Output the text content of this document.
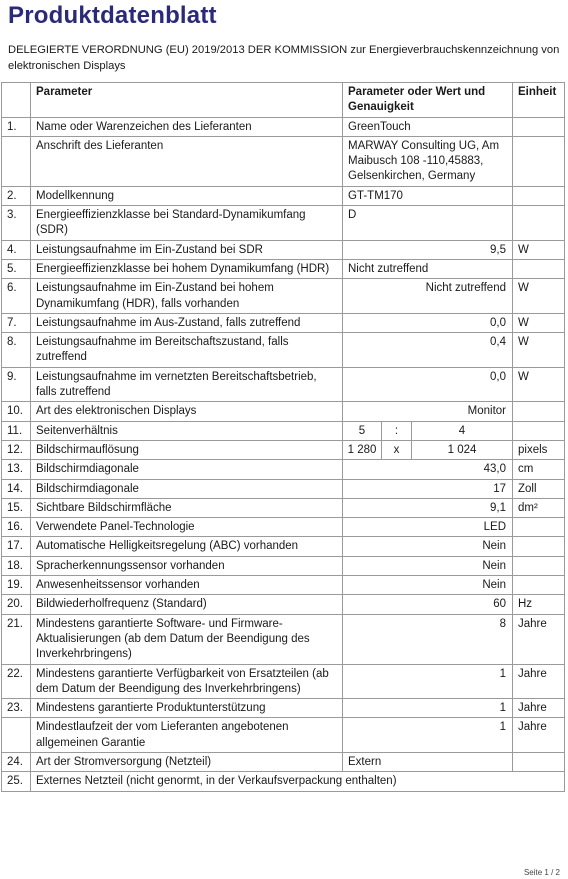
Produktdatenblatt
DELEGIERTE VERORDNUNG (EU) 2019/2013 DER KOMMISSION zur Energieverbrauchskennzeichnung von elektronischen Displays
	Parameter	Parameter oder Wert und Genauigkeit			Einheit
1.	Name oder Warenzeichen des Lieferanten	GreenTouch			
	Anschrift des Lieferanten	MARWAY Consulting UG, Am Maibusch 108 -110,45883, Gelsenkirchen, Germany			
2.	Modellkennung	GT-TM170			
3.	Energieeffizienzklasse bei Standard-Dynamikumfang (SDR)	D			
4.	Leistungsaufnahme im Ein-Zustand bei SDR	9,5			W
5.	Energieeffizienzklasse bei hohem Dynamikumfang (HDR)	Nicht zutreffend			
6.	Leistungsaufnahme im Ein-Zustand bei hohem Dynamikumfang (HDR), falls vorhanden	Nicht zutreffend			W
7.	Leistungsaufnahme im Aus-Zustand, falls zutreffend	0,0			W
8.	Leistungsaufnahme im Bereitschaftszustand, falls zutreffend	0,4			W
9.	Leistungsaufnahme im vernetzten Bereitschaftsbetrieb, falls zutreffend	0,0			W
10.	Art des elektronischen Displays	Monitor			
11.	Seitenverhältnis	5	:	4	
12.	Bildschirmauflösung	1 280	x	1 024	pixels
13.	Bildschirmdiagonale	43,0			cm
14.	Bildschirmdiagonale	17			Zoll
15.	Sichtbare Bildschirmfläche	9,1			dm²
16.	Verwendete Panel-Technologie	LED			
17.	Automatische Helligkeitsregelung (ABC) vorhanden	Nein			
18.	Spracherkennungssensor vorhanden	Nein			
19.	Anwesenheitssensor vorhanden	Nein			
20.	Bildwiederholfrequenz (Standard)	60			Hz
21.	Mindestens garantierte Software- und Firmware-Aktualisierungen (ab dem Datum der Beendigung des Inverkehrbringens)	8			Jahre
22.	Mindestens garantierte Verfügbarkeit von Ersatzteilen (ab dem Datum der Beendigung des Inverkehrbringens)	1			Jahre
23.	Mindestens garantierte Produktunterstützung	1			Jahre
	Mindestlaufzeit der vom Lieferanten angebotenen allgemeinen Garantie	1			Jahre
24.	Art der Stromversorgung (Netzteil)	Extern			
25.	Externes Netzteil (nicht genormt, in der Verkaufsverpackung enthalten)				
Seite 1 / 2
